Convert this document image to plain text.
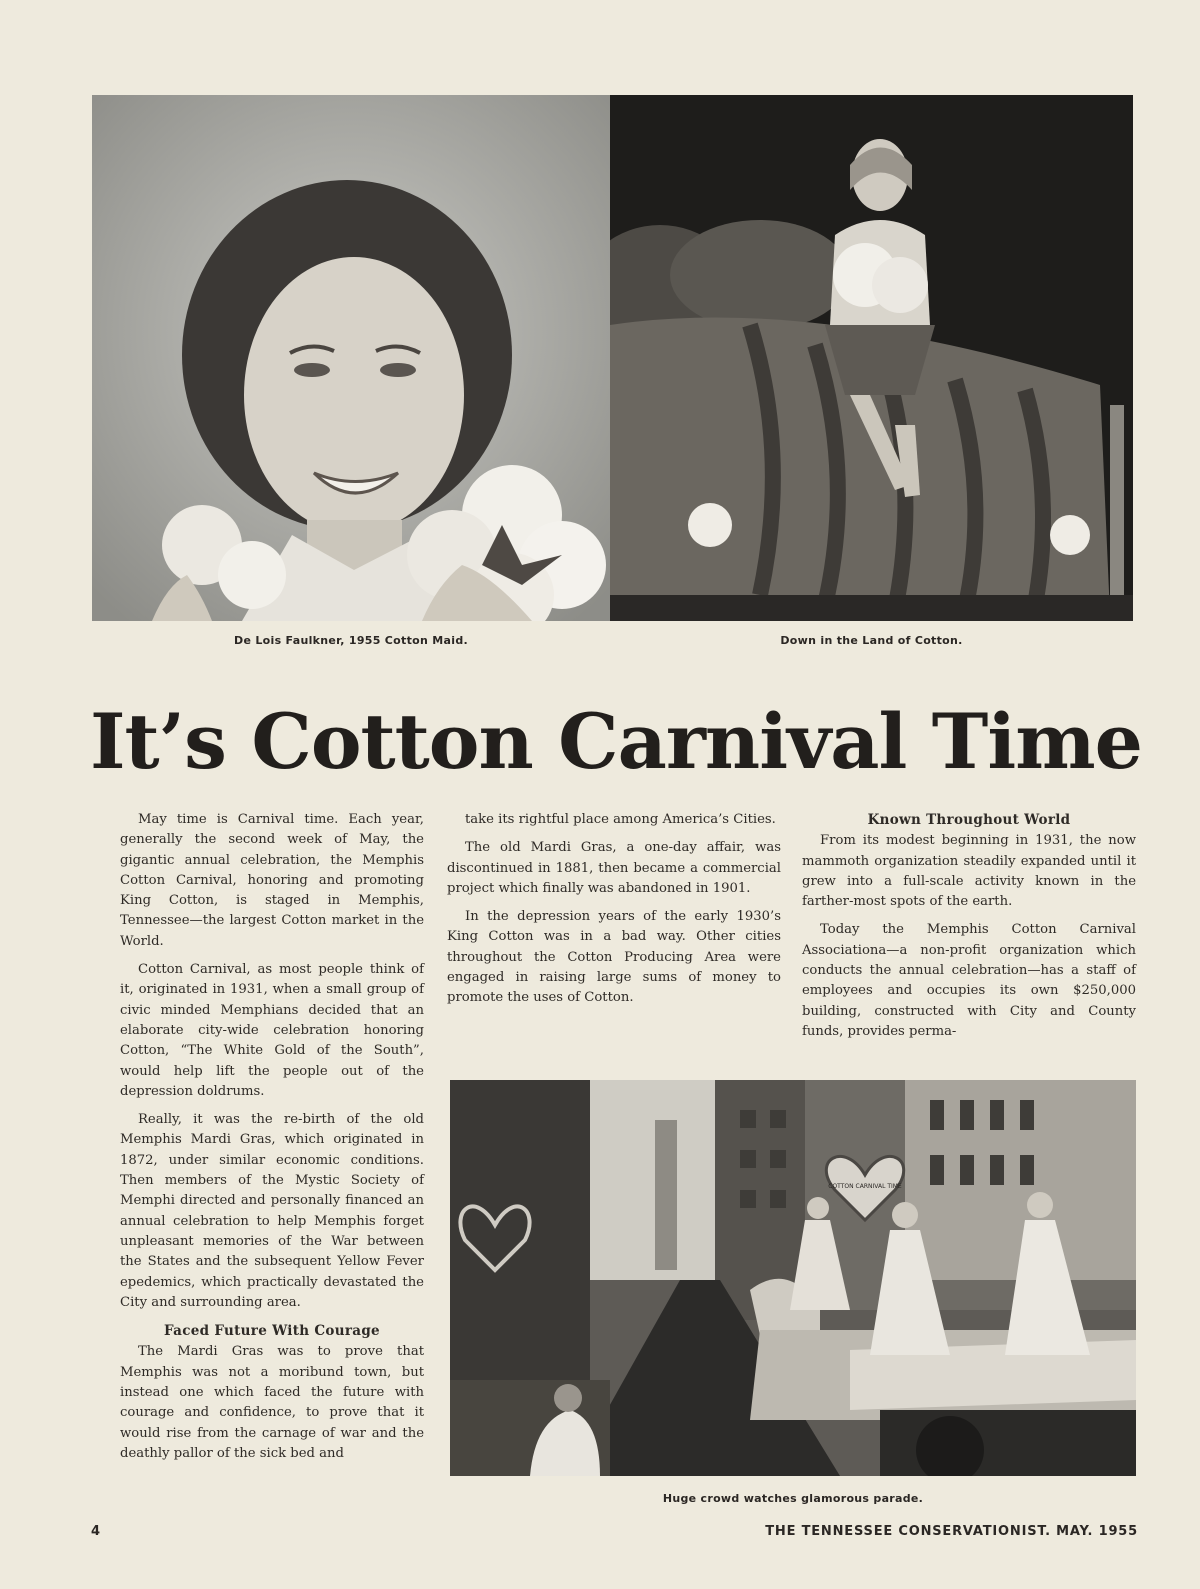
De Lois Faulkner, 1955 Cotton Maid.	Down in the Land of Cotton.
It’s Cotton Carnival Time

May time is Carnival time. Each year, generally the second week of May, the gigantic annual celebration, the Memphis Cotton Carnival, honoring and promoting King Cotton, is staged in Memphis, Tennessee—the largest Cotton market in the World.

Cotton Carnival, as most people think of it, originated in 1931, when a small group of civic minded Memphians decided that an elaborate city-wide celebration honoring Cotton, “The White Gold of the South”, would help lift the people out of the depression doldrums.

Really, it was the re-birth of the old Memphis Mardi Gras, which originated in 1872, under similar economic conditions. Then members of the Mystic Society of Memphi directed and personally financed an annual celebration to help Memphis forget unpleasant memories of the War between the States and the subsequent Yellow Fever epedemics, which practically devastated the City and surrounding area.

Faced Future With Courage

The Mardi Gras was to prove that Memphis was not a moribund town, but instead one which faced the future with courage and confidence, to prove that it would rise from the carnage of war and the deathly pallor of the sick bed and

take its rightful place among America’s Cities.

The old Mardi Gras, a one-day affair, was discontinued in 1881, then became a commercial project which finally was abandoned in 1901.

In the depression years of the early 1930’s King Cotton was in a bad way. Other cities throughout the Cotton Producing Area were engaged in raising large sums of money to promote the uses of Cotton.

Known Throughout World

From its modest beginning in 1931, the now mammoth organization steadily expanded until it grew into a full-scale activity known in the farther-most spots of the earth.

Today the Memphis Cotton Carnival Associationa—a non-profit organization which conducts the annual celebration—has a staff of employees and occupies its own $250,000 building, constructed with City and County funds, provides perma-

COTTON CARNIVAL TIME
Huge crowd watches glamorous parade.
4	THE TENNESSEE CONSERVATIONIST. MAY. 1955
